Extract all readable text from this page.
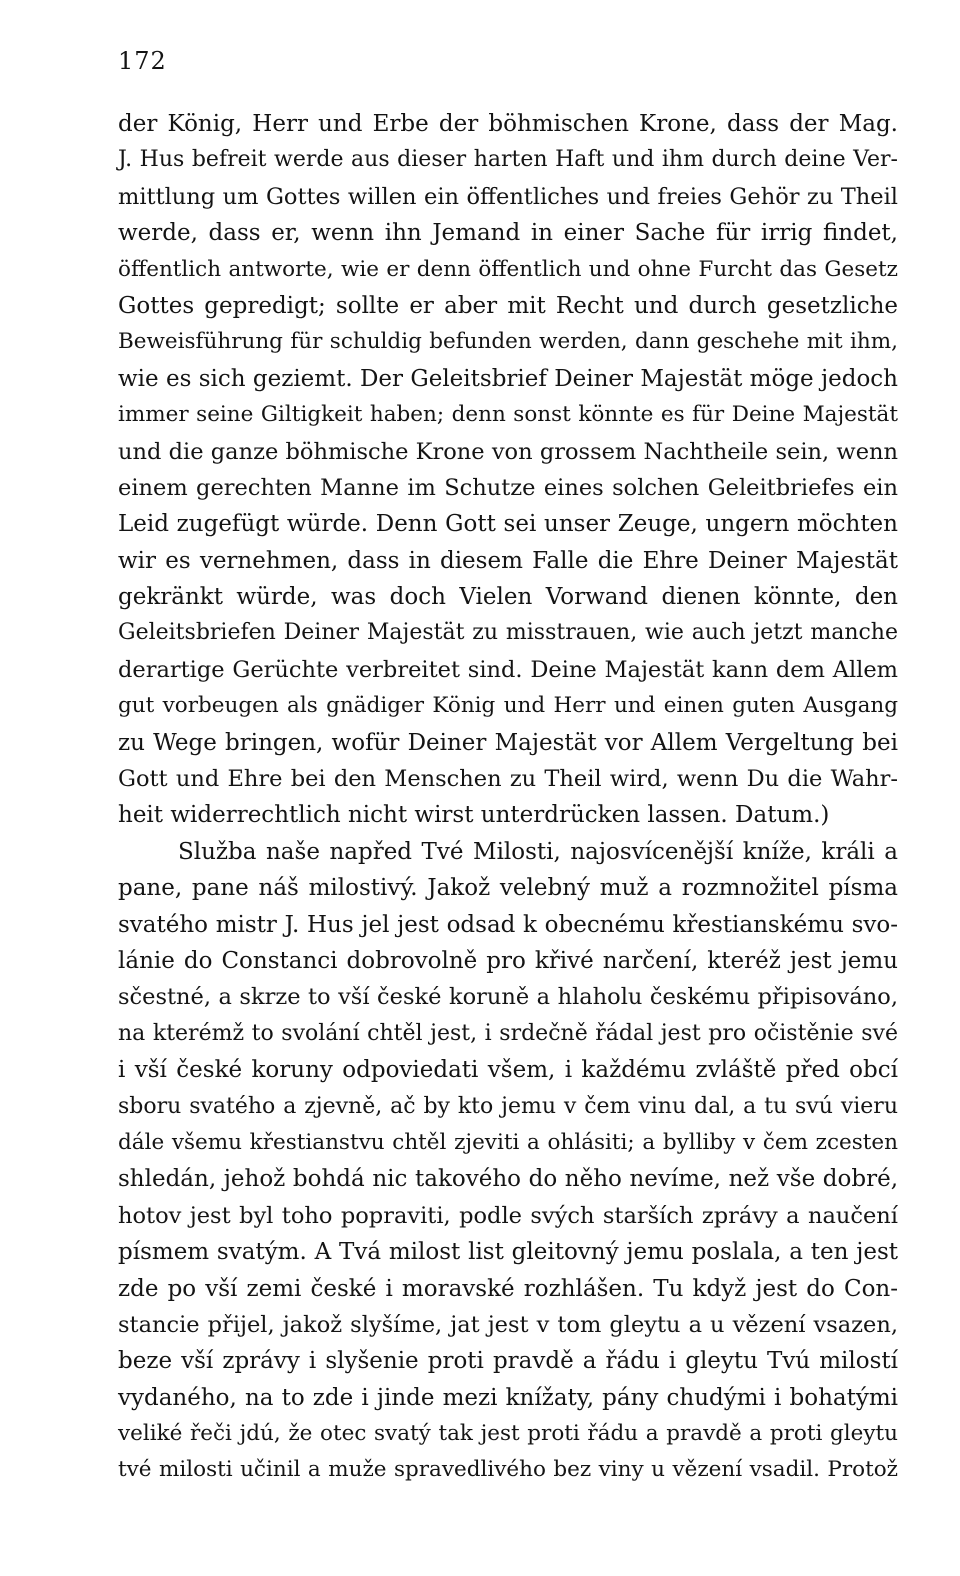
172
der König, Herr und Erbe der böhmischen Krone, dass der Mag.
J. Hus befreit werde aus dieser harten Haft und ihm durch deine Ver-
mittlung um Gottes willen ein öffentliches und freies Gehör zu Theil
werde, dass er, wenn ihn Jemand in einer Sache für irrig findet,
öffentlich antworte, wie er denn öffentlich und ohne Furcht das Gesetz
Gottes gepredigt; sollte er aber mit Recht und durch gesetzliche
Beweisführung für schuldig befunden werden, dann geschehe mit ihm,
wie es sich geziemt. Der Geleitsbrief Deiner Majestät möge jedoch
immer seine Giltigkeit haben; denn sonst könnte es für Deine Majestät
und die ganze böhmische Krone von grossem Nachtheile sein, wenn
einem gerechten Manne im Schutze eines solchen Geleitbriefes ein
Leid zugefügt würde. Denn Gott sei unser Zeuge, ungern möchten
wir es vernehmen, dass in diesem Falle die Ehre Deiner Majestät
gekränkt würde, was doch Vielen Vorwand dienen könnte, den
Geleitsbriefen Deiner Majestät zu misstrauen, wie auch jetzt manche
derartige Gerüchte verbreitet sind. Deine Majestät kann dem Allem
gut vorbeugen als gnädiger König und Herr und einen guten Ausgang
zu Wege bringen, wofür Deiner Majestät vor Allem Vergeltung bei
Gott und Ehre bei den Menschen zu Theil wird, wenn Du die Wahr-
heit widerrechtlich nicht wirst unterdrücken lassen. Datum.)
Služba naše napřed Tvé Milosti, najosvícenější kníže, králi a
pane, pane náš milostivý. Jakož velebný muž a rozmnožitel písma
svatého mistr J. Hus jel jest odsad k obecnému křestianskému svo-
lánie do Constanci dobrovolně pro křivé narčení, kteréž jest jemu
sčestné, a skrze to vší české koruně a hlaholu českému připisováno,
na kterémž to svolání chtěl jest, i srdečně řádal jest pro očistěnie své
i vší české koruny odpoviedati všem, i každému zvláště před obcí
sboru svatého a zjevně, ač by kto jemu v čem vinu dal, a tu svú vieru
dále všemu křestianstvu chtěl zjeviti a ohlásiti; a bylliby v čem zcesten
shledán, jehož bohdá nic takového do něho nevíme, než vše dobré,
hotov jest byl toho popraviti, podle svých starších zprávy a naučení
písmem svatým. A Tvá milost list gleitovný jemu poslala, a ten jest
zde po vší zemi české i moravské rozhlášen. Tu když jest do Con-
stancie přijel, jakož slyšíme, jat jest v tom gleytu a u vězení vsazen,
beze vší zprávy i slyšenie proti pravdě a řádu i gleytu Tvú milostí
vydaného, na to zde i jinde mezi knížaty, pány chudými i bohatými
veliké řeči jdú, že otec svatý tak jest proti řádu a pravdě a proti gleytu
tvé milosti učinil a muže spravedlivého bez viny u vězení vsadil. Protož
